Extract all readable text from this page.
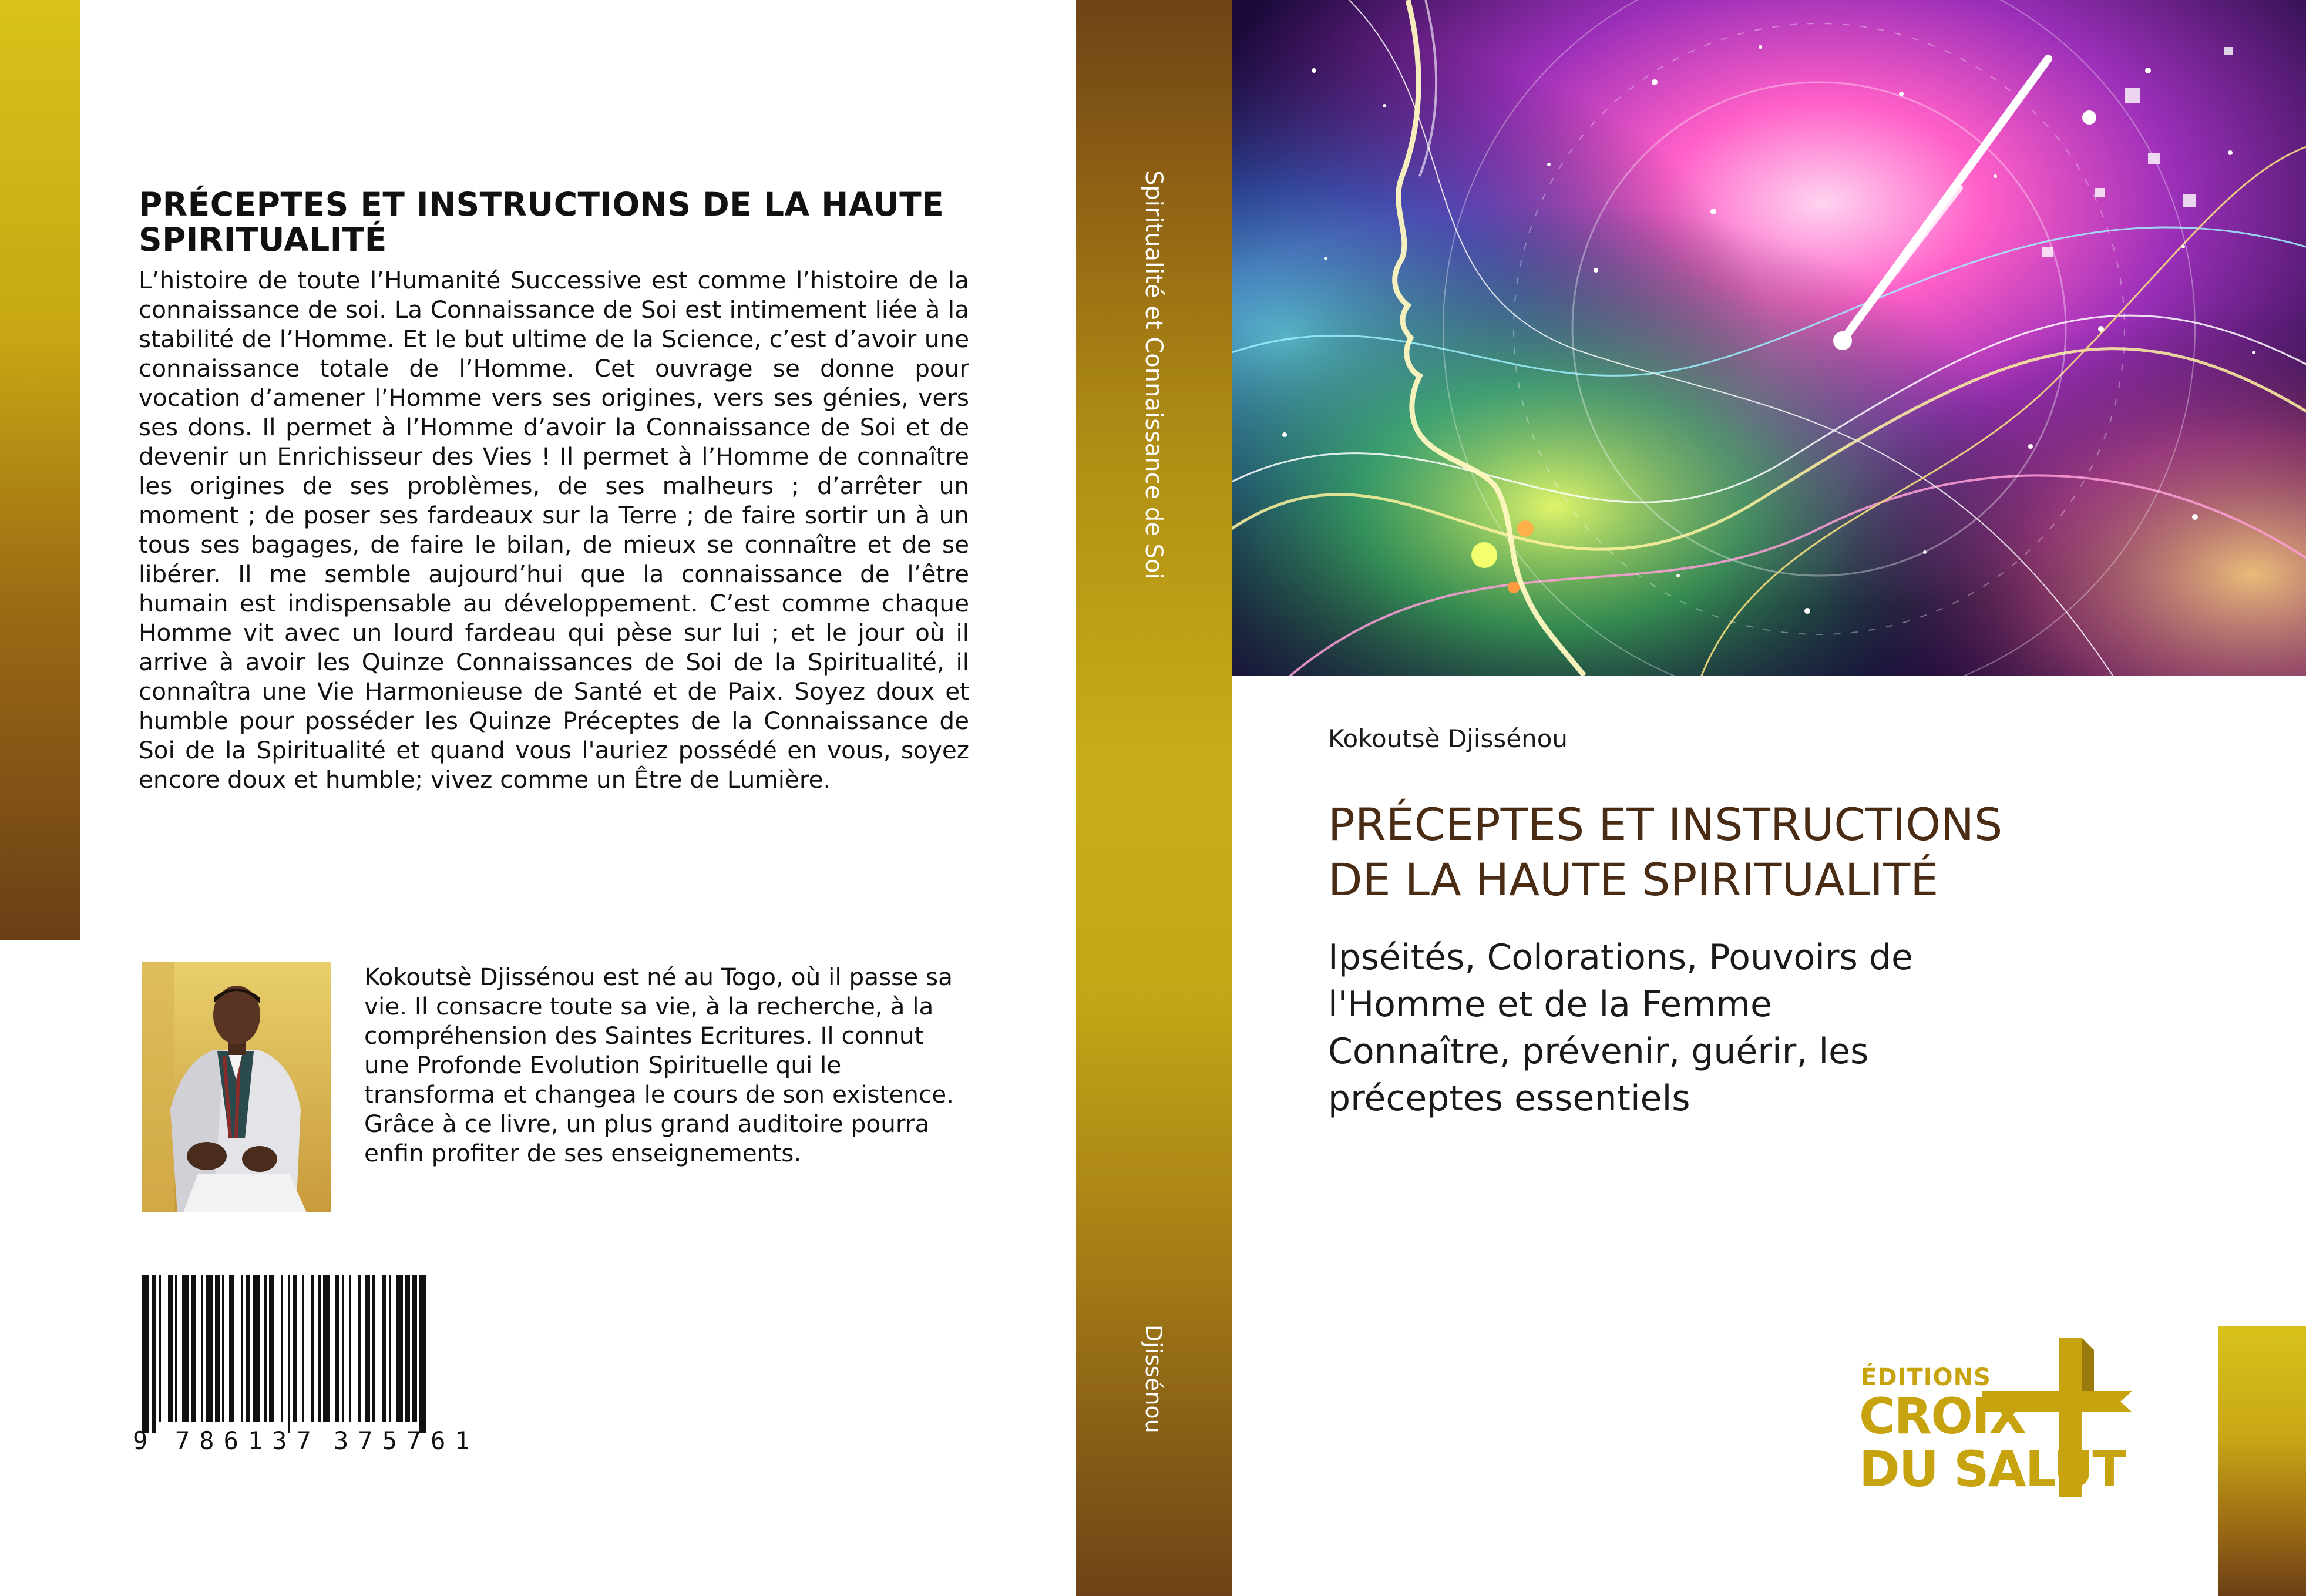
PRÉCEPTES ET INSTRUCTIONS DE LA HAUTE SPIRITUALITÉ
L’histoire de toute l’Humanité Successive est comme l’histoire de la connaissance de soi. La Connaissance de Soi est intimement liée à la stabilité de l’Homme. Et le but ultime de la Science, c’est d’avoir une connaissance totale de l’Homme. Cet ouvrage se donne pour vocation d’amener l’Homme vers ses origines, vers ses génies, vers ses dons. Il permet à l’Homme d’avoir la Connaissance de Soi et de devenir un Enrichisseur des Vies ! Il permet à l’Homme de connaître les origines de ses problèmes, de ses malheurs ; d’arrêter un moment ; de poser ses fardeaux sur la Terre ; de faire sortir un à un tous ses bagages, de faire le bilan, de mieux se connaître et de se libérer. Il me semble aujourd’hui que la connaissance de l’être humain est indispensable au développement. C’est comme chaque Homme vit avec un lourd fardeau qui pèse sur lui ; et le jour où il arrive à avoir les Quinze Connaissances de Soi de la Spiritualité, il connaîtra une Vie Harmonieuse de Santé et de Paix. Soyez doux et humble pour posséder les Quinze Préceptes de la Connaissance de Soi de la Spiritualité et quand vous l'auriez possédé en vous, soyez encore doux et humble; vivez comme un Être de Lumière.
Kokoutsè Djissénou est né au Togo, où il passe sa vie. Il consacre toute sa vie, à la recherche, à la compréhension des Saintes Ecritures. Il connut une Profonde Evolution Spirituelle qui le transforma et changea le cours de son existence. Grâce à ce livre, un plus grand auditoire pourra enfin profiter de ses enseignements.
9 786137 375761
Spiritualité et Connaissance de Soi
Djissénou
Kokoutsè Djissénou
PRÉCEPTES ET INSTRUCTIONS
DE LA HAUTE SPIRITUALITÉ
Ipséités, Colorations, Pouvoirs de
l'Homme et de la Femme
Connaître, prévenir, guérir, les
préceptes essentiels
ÉDITIONS
CROIX
DU SALUT
